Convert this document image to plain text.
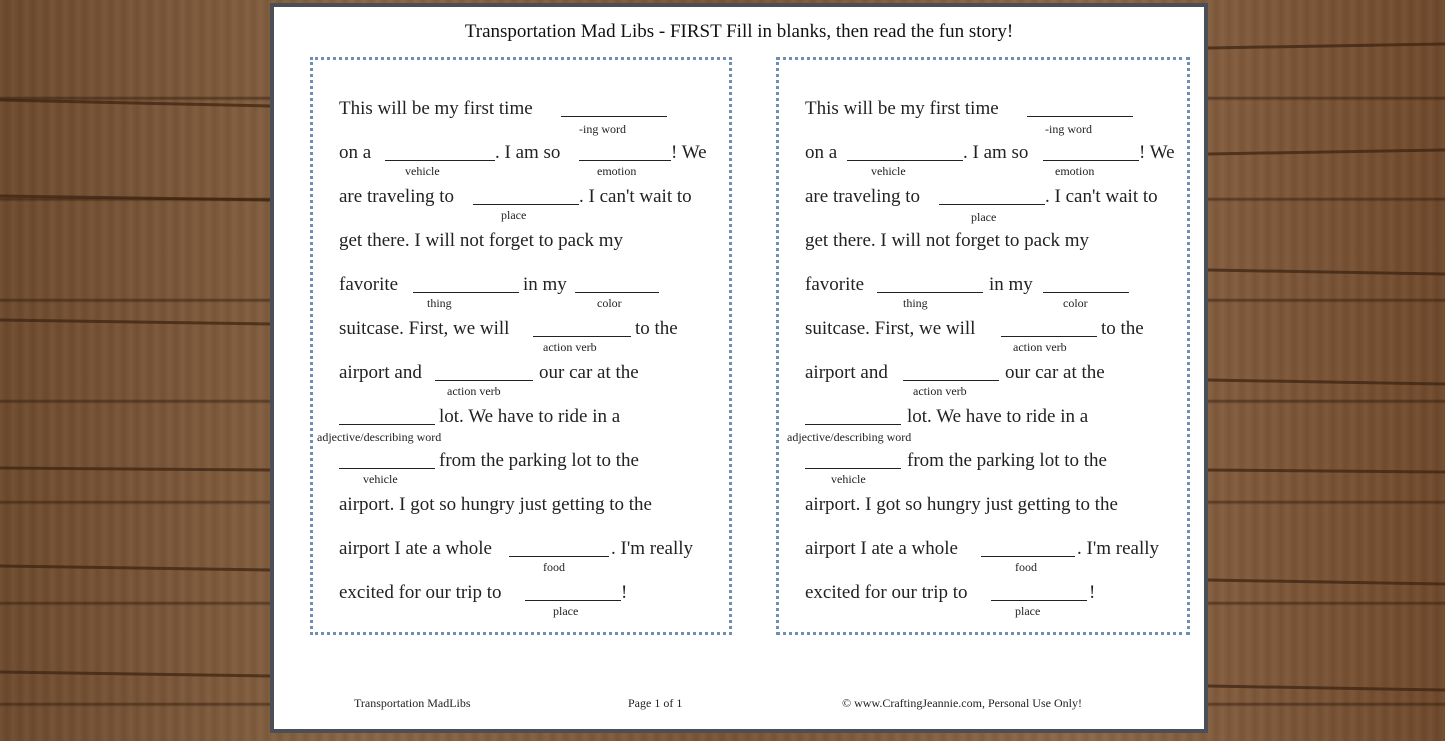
Transportation Mad Libs - FIRST Fill in blanks, then read the fun story!
This will be my first time
-ing word
on a
vehicle
. I am so
emotion
! We
are traveling to
place
. I can't wait to
get there. I will not forget to pack my
favorite
thing
in my
color
suitcase. First, we will
action verb
to the
airport and
action verb
our car at the
adjective/describing word
lot. We have to ride in a
vehicle
from the parking lot to the
airport. I got so hungry just getting to the
airport I ate a whole
food
. I'm really
excited for our trip to
place
!
This will be my first time
-ing word
on a
vehicle
. I am so
emotion
! We
are traveling to
place
. I can't wait to
get there. I will not forget to pack my
favorite
thing
in my
color
suitcase. First, we will
action verb
to the
airport and
action verb
our car at the
adjective/describing word
lot. We have to ride in a
vehicle
from the parking lot to the
airport. I got so hungry just getting to the
airport I ate a whole
food
. I'm really
excited for our trip to
place
!
Transportation MadLibs	Page 1 of 1	© www.CraftingJeannie.com, Personal Use Only!
